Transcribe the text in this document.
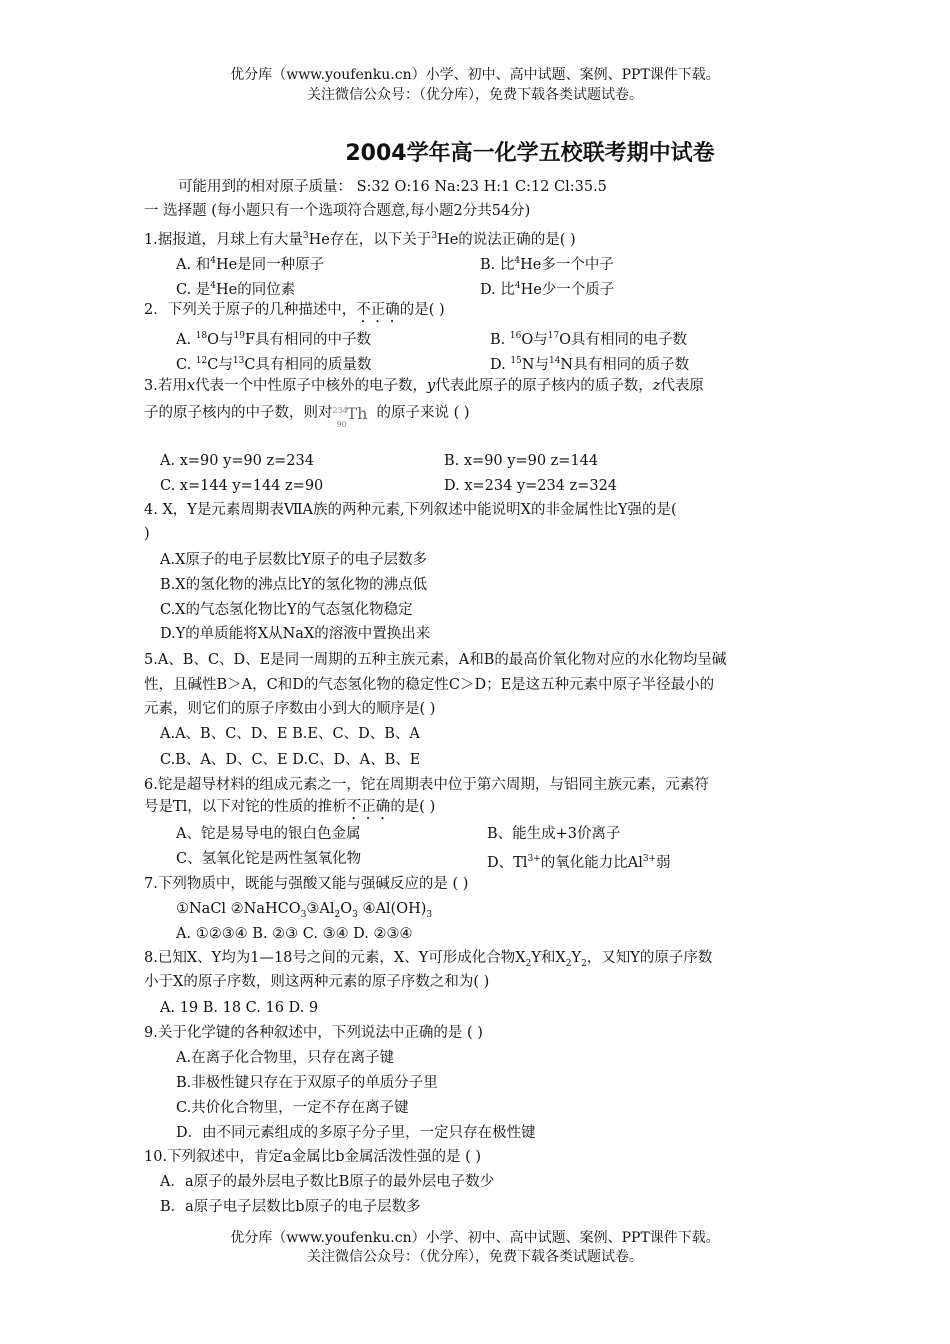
优分库（www.youfenku.cn）小学、初中、高中试题、案例、PPT课件下载。
关注微信公众号：（优分库），免费下载各类试题试卷。
2004学年高一化学五校联考期中试卷
可能用到的相对原子质量： S:32 O:16 Na:23 H:1 C:12 Cl:35.5
一 选择题 (每小题只有一个选项符合题意,每小题2分共54分)
1.据报道，月球上有大量$^3$He存在，以下关于$^3$He的说法正确的是( )
A. 和$^4$He是同一种原子	B. 比$^4$He多一个中子
C. 是$^4$He的同位素	D. 比$^4$He少一个质子
2．下列关于原子的几种描述中，不正确的是( )
A. $^{18}$O与$^{19}$F具有相同的中子数	B. $^{16}$O与$^{17}$O具有相同的电子数
C. $^{12}$C与$^{13}$C具有相同的质量数	D. $^{15}$N与$^{14}$N具有相同的质子数
3.若用x代表一个中性原子中核外的电子数，y代表此原子的原子核内的质子数，z代表原
子的原子核内的中子数，则对 234
90
Th 的原子来说 ( )
A. x=90 y=90 z=234	B. x=90 y=90 z=144
C. x=144 y=144 z=90	D. x=234 y=234 z=324
4. X，Y是元素周期表ⅦA族的两种元素,下列叙述中能说明X的非金属性比Y强的是(
)
A.X原子的电子层数比Y原子的电子层数多
B.X的氢化物的沸点比Y的氢化物的沸点低
C.X的气态氢化物比Y的气态氢化物稳定
D.Y的单质能将X从NaX的溶液中置换出来
5.A、B、C、D、E是同一周期的五种主族元素，A和B的最高价氧化物对应的水化物均呈碱
性，且碱性B＞A，C和D的气态氢化物的稳定性C＞D；E是这五种元素中原子半径最小的
元素，则它们的原子序数由小到大的顺序是( )
A.A、B、C、D、E B.E、C、D、B、A
C.B、A、D、C、E D.C、D、A、B、E
6.铊是超导材料的组成元素之一，铊在周期表中位于第六周期，与铝同主族元素，元素符
号是Tl，以下对铊的性质的推析不正确的是( )
A、铊是易导电的银白色金属	B、能生成+3价离子
C、氢氧化铊是两性氢氧化物	D、$Tl^{3+}$的氧化能力比$Al^{3+}$弱
7.下列物质中，既能与强酸又能与强碱反应的是 ( )
①NaCl $②NaHCO_3③Al_2O_3$ $④Al(OH)_3$
A. ①②③④ B. ②③ C. ③④ D. ②③④
8.已知X、Y均为1—18号之间的元素，X、Y可形成化合物$X_2Y$和$X_2Y_2$，又知Y的原子序数
小于X的原子序数，则这两种元素的原子序数之和为( )
A. 19 B. 18 C. 16 D. 9
9.关于化学键的各种叙述中，下列说法中正确的是 ( )
A.在离子化合物里，只存在离子键
B.非极性键只存在于双原子的单质分子里
C.共价化合物里，一定不存在离子键
D．由不同元素组成的多原子分子里，一定只存在极性键
10.下列叙述中，肯定a金属比b金属活泼性强的是 ( )
A．a原子的最外层电子数比B原子的最外层电子数少
B．a原子电子层数比b原子的电子层数多
优分库（www.youfenku.cn）小学、初中、高中试题、案例、PPT课件下载。
关注微信公众号：（优分库），免费下载各类试题试卷。
